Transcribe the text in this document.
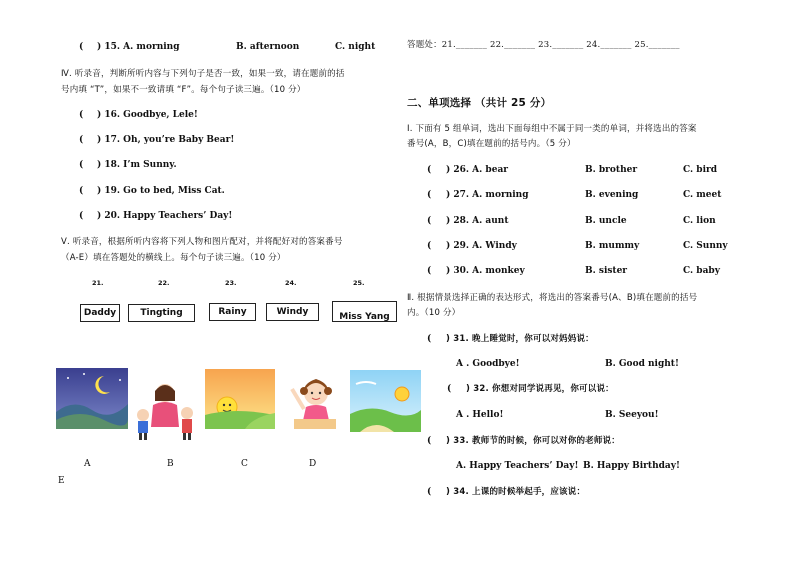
( ) 15. A. morning	B. afternoon	C. night
Ⅳ. 听录音，判断所听内容与下列句子是否一致，如果一致，请在题前的括
号内填 “T”，如果不一致请填 “F”。每个句子读三遍。（10 分）
( ) 16. Goodbye, Lele!
( ) 17. Oh, you’re Baby Bear!
( ) 18. I’m Sunny.
( ) 19. Go to bed, Miss Cat.
( ) 20. Happy Teachers’ Day!
Ⅴ. 听录音，根据所听内容将下列人物和图片配对，并将配好对的答案番号
（A-E）填在答题处的横线上。每个句子读三遍。（10 分）
21.	22.	23.	24.	25.
Daddy	Tingting	Rainy	Windy	Miss Yang
A	B	C	D
E
答题处：21._______ 22._______ 23._______ 24._______ 25._______
二、单项选择 （共计 25 分）
Ⅰ. 下面有 5 组单词，选出下面每组中不属于同一类的单词，并将选出的答案
番号(A，B，C)填在题前的括号内。（5 分）
( ) 26. A. bear	B. brother	C. bird
( ) 27. A. morning	B. evening	C. meet
( ) 28. A. aunt	B. uncle	C. lion
( ) 29. A. Windy	B. mummy	C. Sunny
( ) 30. A. monkey	B. sister	C. baby
Ⅱ. 根据情景选择正确的表达形式，将选出的答案番号(A、B)填在题前的括号
内。（10 分）
( ) 31. 晚上睡觉时，你可以对妈妈说：
A . Goodbye!	B. Good night!
( ) 32. 你想对同学说再见，你可以说：
A . Hello!	B. Seeyou!
( ) 33. 教师节的时候，你可以对你的老师说：
A. Happy Teachers’ Day! B. Happy Birthday!
( ) 34. 上课的时候举起手，应该说：
